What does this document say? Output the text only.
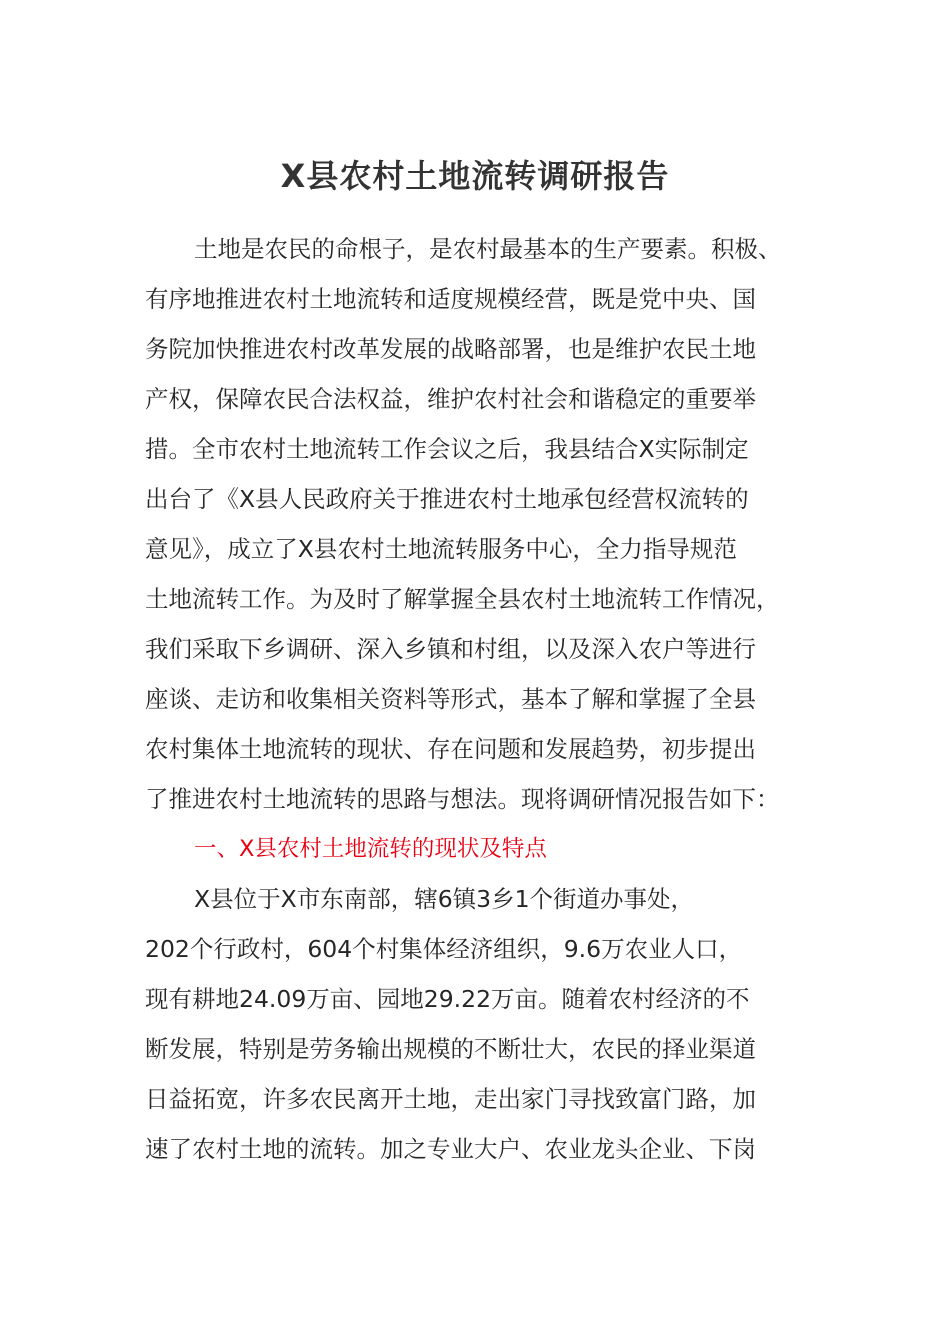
X县农村土地流转调研报告
土地是农民的命根子，是农村最基本的生产要素。积极、
有序地推进农村土地流转和适度规模经营，既是党中央、国
务院加快推进农村改革发展的战略部署，也是维护农民土地
产权，保障农民合法权益，维护农村社会和谐稳定的重要举
措。全市农村土地流转工作会议之后，我县结合X实际制定
出台了《X县人民政府关于推进农村土地承包经营权流转的
意见》，成立了X县农村土地流转服务中心，全力指导规范
土地流转工作。为及时了解掌握全县农村土地流转工作情况，
我们采取下乡调研、深入乡镇和村组，以及深入农户等进行
座谈、走访和收集相关资料等形式，基本了解和掌握了全县
农村集体土地流转的现状、存在问题和发展趋势，初步提出
了推进农村土地流转的思路与想法。现将调研情况报告如下：
一、X县农村土地流转的现状及特点
X县位于X市东南部，辖6镇3乡1个街道办事处，
202个行政村，604个村集体经济组织，9.6万农业人口，
现有耕地24.09万亩、园地29.22万亩。随着农村经济的不
断发展，特别是劳务输出规模的不断壮大，农民的择业渠道
日益拓宽，许多农民离开土地，走出家门寻找致富门路，加
速了农村土地的流转。加之专业大户、农业龙头企业、下岗
